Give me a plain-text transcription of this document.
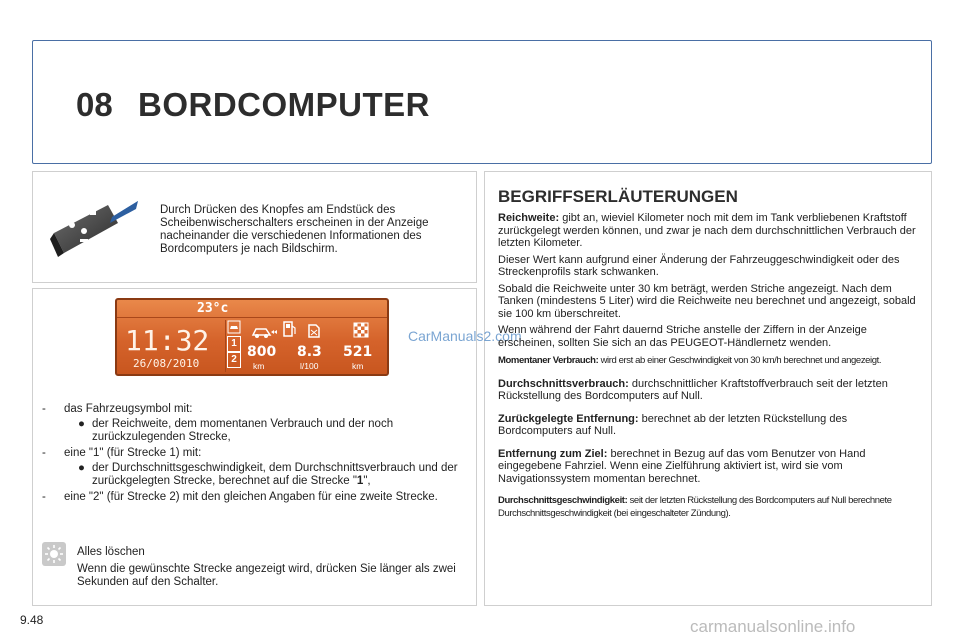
08 BORDCOMPUTER
Durch Drücken des Knopfes am Endstück des Scheibenwischerschalters erscheinen in der Anzeige nacheinander die verschiedenen Informationen des Bordcomputers je nach Bildschirm.
23°c
11:32
26/08/2010
1
2 800
km
8.3
l/100
521
km
CarManuals2.com
-	das Fahrzeugsymbol mit:
● der Reichweite, dem momentanen Verbrauch und der noch zurückzulegenden Strecke,
-	eine "1" (für Strecke 1) mit:
● der Durchschnittsgeschwindigkeit, dem Durchschnittsverbrauch und der zurückgelegten Strecke, berechnet auf die Strecke "1",
-	eine "2" (für Strecke 2) mit den gleichen Angaben für eine zweite Strecke.
Alles löschen
Wenn die gewünschte Strecke angezeigt wird, drücken Sie länger als zwei Sekunden auf den Schalter.
BEGRIFFSERLÄUTERUNGEN

Reichweite: gibt an, wieviel Kilometer noch mit dem im Tank verbliebenen Kraftstoff zurückgelegt werden können, und zwar je nach dem durchschnittlichen Verbrauch der letzten Kilometer.

Dieser Wert kann aufgrund einer Änderung der Fahrzeuggeschwindigkeit oder des Streckenprofils stark schwanken.

Sobald die Reichweite unter 30 km beträgt, werden Striche angezeigt. Nach dem Tanken (mindestens 5 Liter) wird die Reichweite neu berechnet und angezeigt, sobald sie 100 km überschreitet.

Wenn während der Fahrt dauernd Striche anstelle der Ziffern in der Anzeige erscheinen, sollten Sie sich an das PEUGEOT-Händlernetz wenden.

Momentaner Verbrauch: wird erst ab einer Geschwindigkeit von 30 km/h berechnet und angezeigt.

Durchschnittsverbrauch: durchschnittlicher Kraftstoffverbrauch seit der letzten Rückstellung des Bordcomputers auf Null.

Zurückgelegte Entfernung: berechnet ab der letzten Rückstellung des Bordcomputers auf Null.

Entfernung zum Ziel: berechnet in Bezug auf das vom Benutzer von Hand eingegebene Fahrziel. Wenn eine Zielführung aktiviert ist, wird sie vom Navigationssystem momentan berechnet.

Durchschnittsgeschwindigkeit: seit der letzten Rückstellung des Bordcomputers auf Null berechnete Durchschnittsgeschwindigkeit (bei eingeschalteter Zündung).

9.48	carmanualsonline.info
